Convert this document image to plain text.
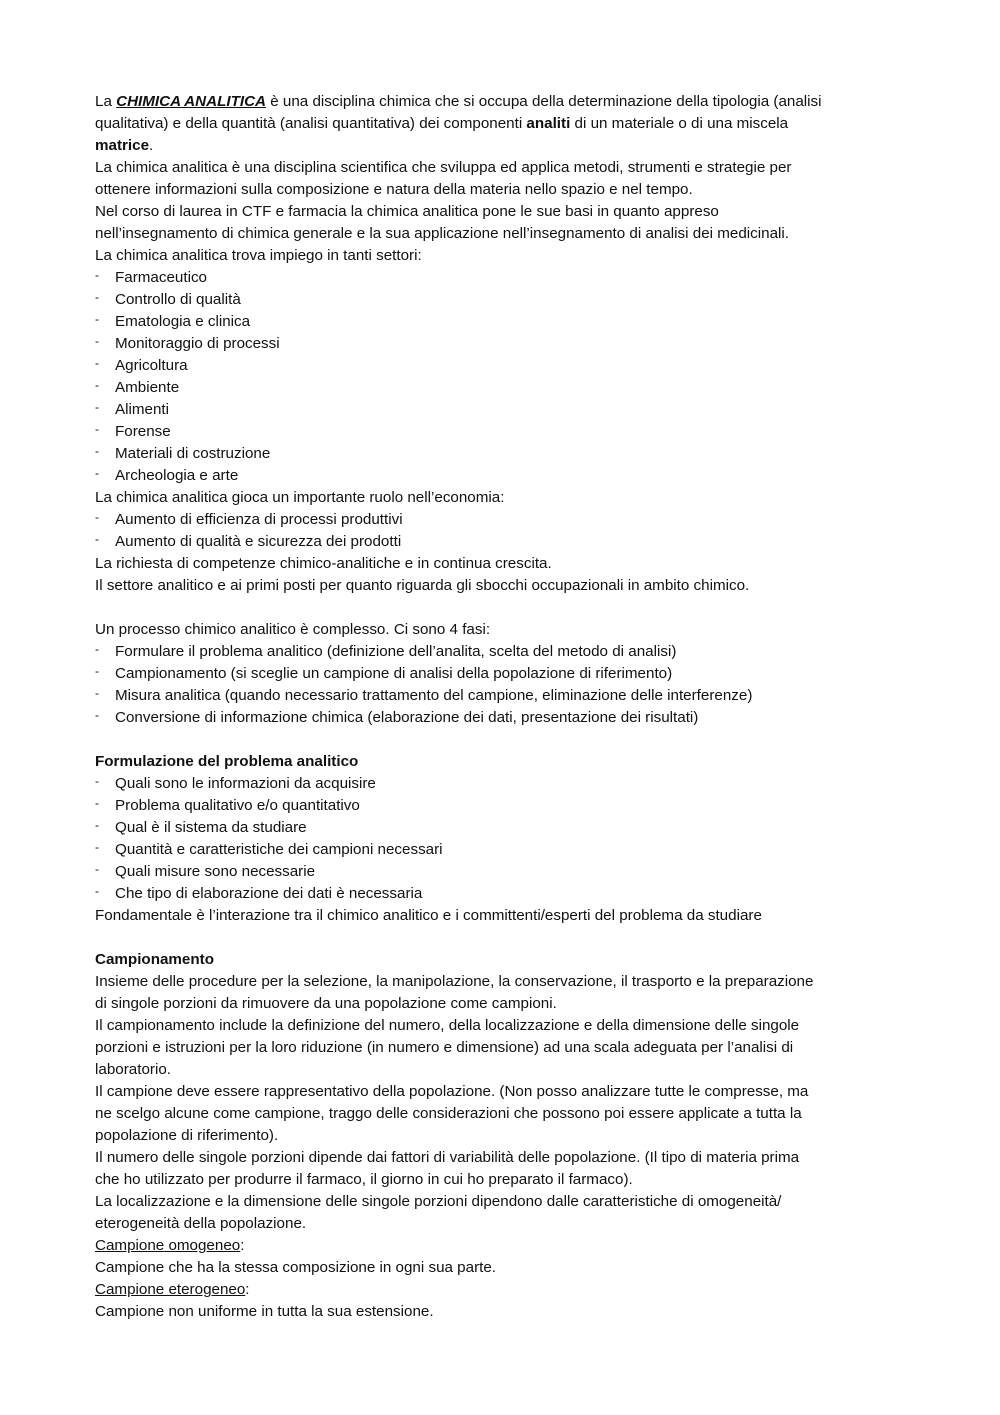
La CHIMICA ANALITICA è una disciplina chimica che si occupa della determinazione della tipologia (analisi
qualitativa) e della quantità (analisi quantitativa) dei componenti analiti di un materiale o di una miscela
matrice.
La chimica analitica è una disciplina scientifica che sviluppa ed applica metodi, strumenti e strategie per
ottenere informazioni sulla composizione e natura della materia nello spazio e nel tempo.
Nel corso di laurea in CTF e farmacia la chimica analitica pone le sue basi in quanto appreso
nell’insegnamento di chimica generale e la sua applicazione nell’insegnamento di analisi dei medicinali.
La chimica analitica trova impiego in tanti settori:
-	Farmaceutico
-	Controllo di qualità
-	Ematologia e clinica
-	Monitoraggio di processi
-	Agricoltura
-	Ambiente
-	Alimenti
-	Forense
-	Materiali di costruzione
-	Archeologia e arte
La chimica analitica gioca un importante ruolo nell’economia:
-	Aumento di efficienza di processi produttivi
-	Aumento di qualità e sicurezza dei prodotti
La richiesta di competenze chimico-analitiche e in continua crescita.
Il settore analitico e ai primi posti per quanto riguarda gli sbocchi occupazionali in ambito chimico.
Un processo chimico analitico è complesso. Ci sono 4 fasi:
-	Formulare il problema analitico (definizione dell’analita, scelta del metodo di analisi)
-	Campionamento (si sceglie un campione di analisi della popolazione di riferimento)
-	Misura analitica (quando necessario trattamento del campione, eliminazione delle interferenze)
-	Conversione di informazione chimica (elaborazione dei dati, presentazione dei risultati)
Formulazione del problema analitico
-	Quali sono le informazioni da acquisire
-	Problema qualitativo e/o quantitativo
-	Qual è il sistema da studiare
-	Quantità e caratteristiche dei campioni necessari
-	Quali misure sono necessarie
-	Che tipo di elaborazione dei dati è necessaria
Fondamentale è l’interazione tra il chimico analitico e i committenti/esperti del problema da studiare
Campionamento
Insieme delle procedure per la selezione, la manipolazione, la conservazione, il trasporto e la preparazione
di singole porzioni da rimuovere da una popolazione come campioni.
Il campionamento include la definizione del numero, della localizzazione e della dimensione delle singole
porzioni e istruzioni per la loro riduzione (in numero e dimensione) ad una scala adeguata per l’analisi di
laboratorio.
Il campione deve essere rappresentativo della popolazione. (Non posso analizzare tutte le compresse, ma
ne scelgo alcune come campione, traggo delle considerazioni che possono poi essere applicate a tutta la
popolazione di riferimento).
Il numero delle singole porzioni dipende dai fattori di variabilità delle popolazione. (Il tipo di materia prima
che ho utilizzato per produrre il farmaco, il giorno in cui ho preparato il farmaco).
La localizzazione e la dimensione delle singole porzioni dipendono dalle caratteristiche di omogeneità/
eterogeneità della popolazione.
Campione omogeneo:
Campione che ha la stessa composizione in ogni sua parte.
Campione eterogeneo:
Campione non uniforme in tutta la sua estensione.
